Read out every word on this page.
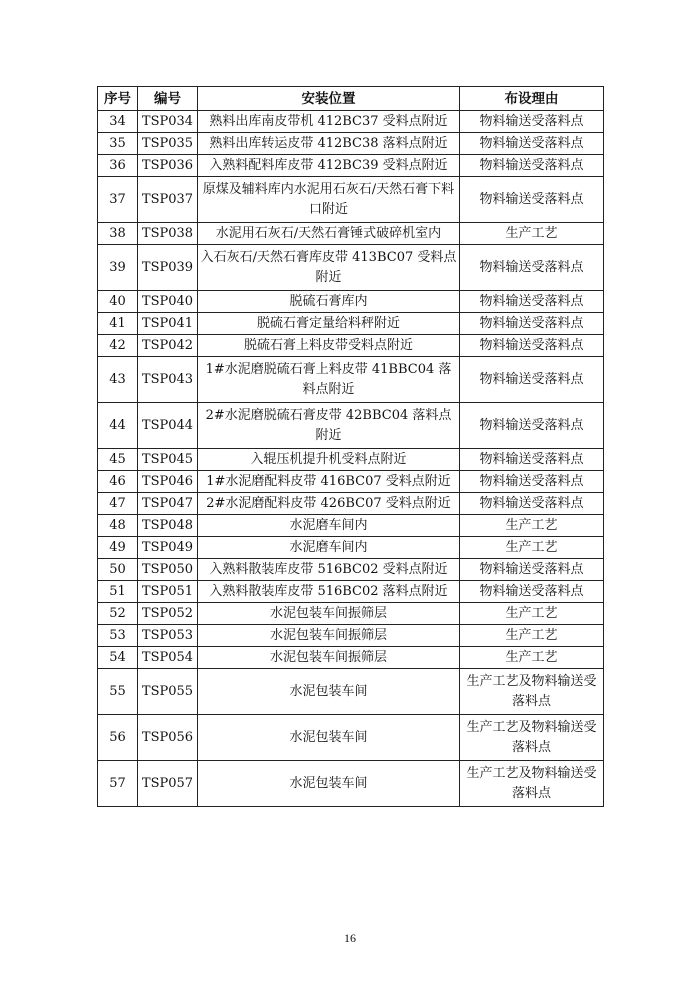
序号	编号	安装位置	布设理由
34	TSP034	熟料出库南皮带机 412BC37 受料点附近	物料输送受落料点
35	TSP035	熟料出库转运皮带 412BC38 落料点附近	物料输送受落料点
36	TSP036	入熟料配料库皮带 412BC39 受料点附近	物料输送受落料点
37	TSP037	原煤及辅料库内水泥用石灰石/天然石膏下料口附近	物料输送受落料点
38	TSP038	水泥用石灰石/天然石膏锤式破碎机室内	生产工艺
39	TSP039	入石灰石/天然石膏库皮带 413BC07 受料点附近	物料输送受落料点
40	TSP040	脱硫石膏库内	物料输送受落料点
41	TSP041	脱硫石膏定量给料秤附近	物料输送受落料点
42	TSP042	脱硫石膏上料皮带受料点附近	物料输送受落料点
43	TSP043	1#水泥磨脱硫石膏上料皮带 41BBC04 落料点附近	物料输送受落料点
44	TSP044	2#水泥磨脱硫石膏皮带 42BBC04 落料点附近	物料输送受落料点
45	TSP045	入辊压机提升机受料点附近	物料输送受落料点
46	TSP046	1#水泥磨配料皮带 416BC07 受料点附近	物料输送受落料点
47	TSP047	2#水泥磨配料皮带 426BC07 受料点附近	物料输送受落料点
48	TSP048	水泥磨车间内	生产工艺
49	TSP049	水泥磨车间内	生产工艺
50	TSP050	入熟料散装库皮带 516BC02 受料点附近	物料输送受落料点
51	TSP051	入熟料散装库皮带 516BC02 落料点附近	物料输送受落料点
52	TSP052	水泥包装车间振筛层	生产工艺
53	TSP053	水泥包装车间振筛层	生产工艺
54	TSP054	水泥包装车间振筛层	生产工艺
55	TSP055	水泥包装车间	生产工艺及物料输送受落料点
56	TSP056	水泥包装车间	生产工艺及物料输送受落料点
57	TSP057	水泥包装车间	生产工艺及物料输送受落料点
16
